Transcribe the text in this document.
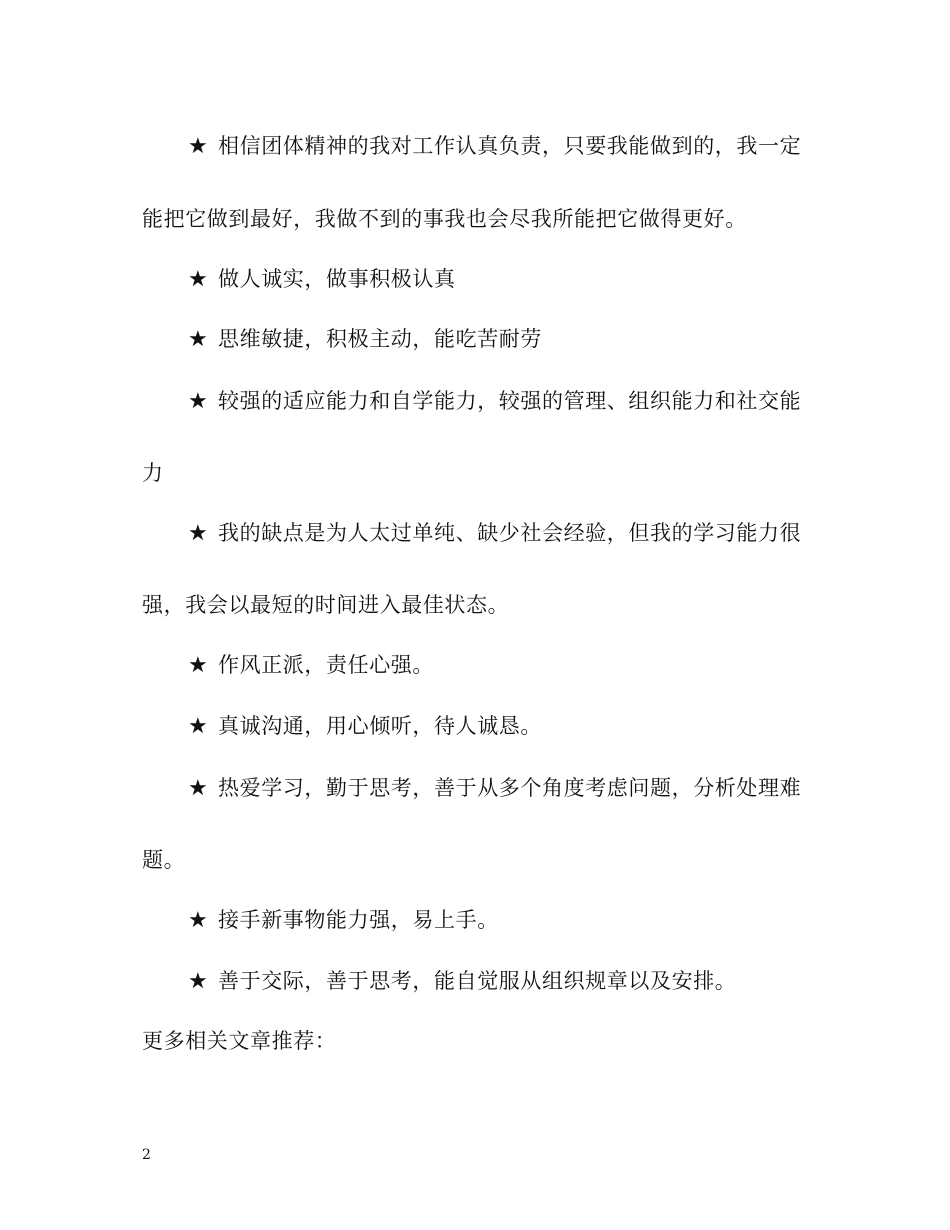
★ 相信团体精神的我对工作认真负责，只要我能做到的，我一定
能把它做到最好，我做不到的事我也会尽我所能把它做得更好。
★ 做人诚实，做事积极认真
★ 思维敏捷，积极主动，能吃苦耐劳
★ 较强的适应能力和自学能力，较强的管理、组织能力和社交能
力
★ 我的缺点是为人太过单纯、缺少社会经验，但我的学习能力很
强，我会以最短的时间进入最佳状态。
★ 作风正派，责任心强。
★ 真诚沟通，用心倾听，待人诚恳。
★ 热爱学习，勤于思考，善于从多个角度考虑问题，分析处理难
题。
★ 接手新事物能力强，易上手。
★ 善于交际，善于思考，能自觉服从组织规章以及安排。
更多相关文章推荐：
2
